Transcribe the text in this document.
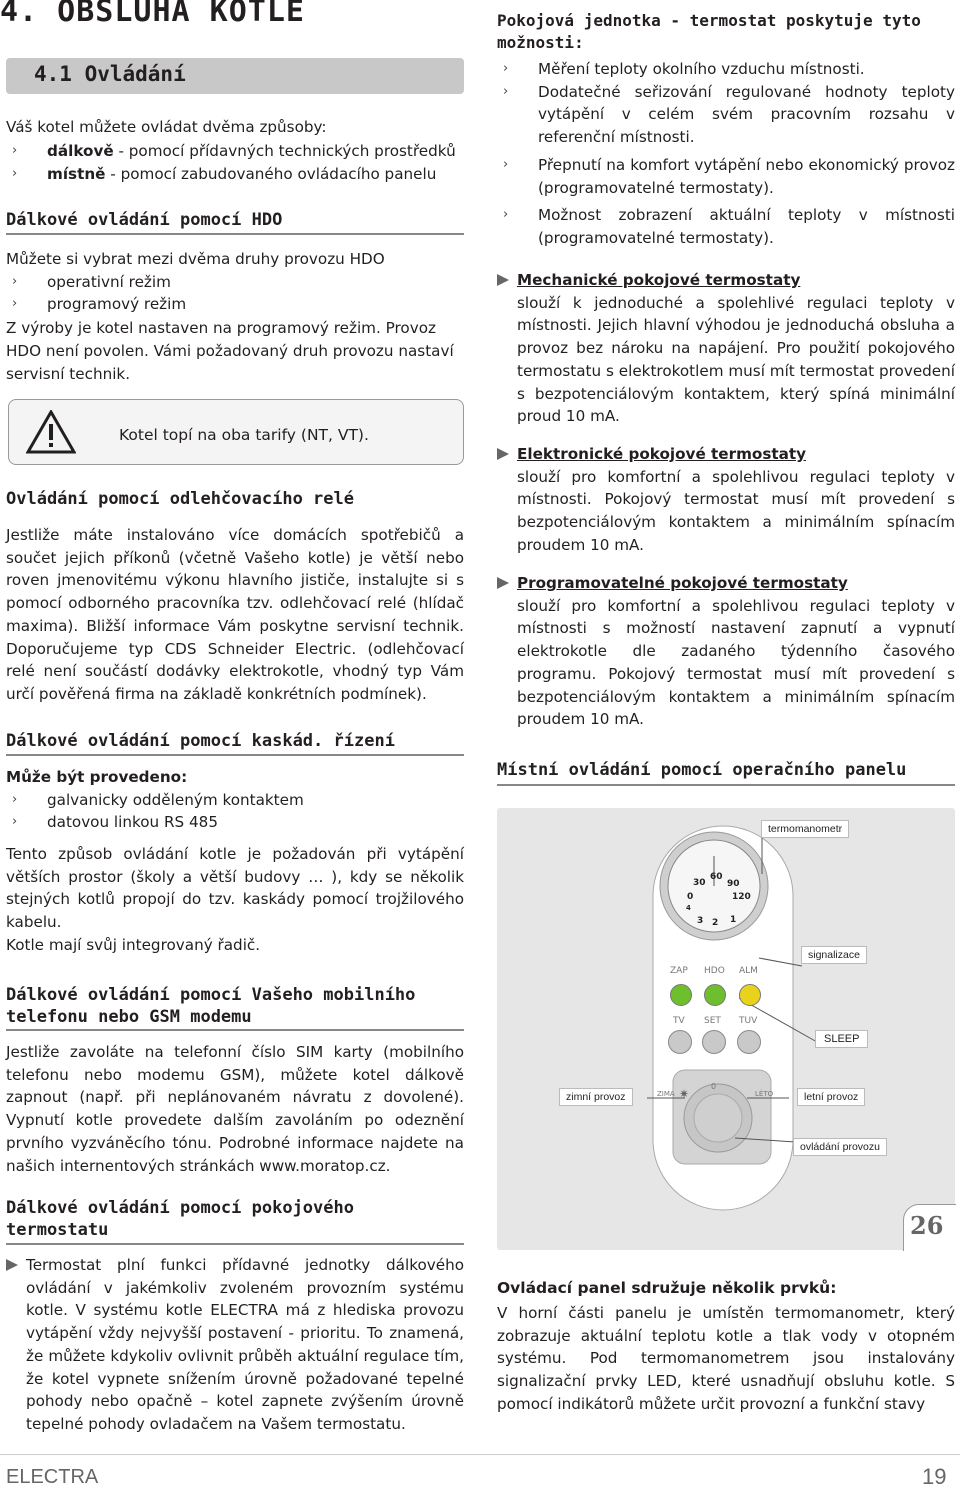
4. OBSLUHA KOTLE
4.1 Ovládání
Váš kotel můžete ovládat dvěma způsoby:
›	dálkově - pomocí přídavných technických prostředků
›	místně - pomocí zabudovaného ovládacího panelu
Dálkové ovládání pomocí HDO
Můžete si vybrat mezi dvěma druhy provozu HDO
›	operativní režim
›	programový režim
Z výroby je kotel nastaven na programový režim. Provoz HDO není povolen. Vámi požadovaný druh provozu nastaví servisní technik.
Kotel topí na oba tarify (NT, VT).
Ovládání pomocí odlehčovacího relé
Jestliže máte instalováno více domácích spotřebičů a součet jejich příkonů (včetně Vašeho kotle) je větší nebo roven jmenovitému výkonu hlavního jističe, instalujte si s pomocí odborného pracovníka tzv. odlehčovací relé (hlídač maxima). Bližší informace Vám poskytne servisní technik. Doporučujeme typ CDS Schneider Electric. (odlehčovací relé není součástí dodávky elektrokotle, vhodný typ Vám určí pověřená firma na základě konkrétních podmínek).
Dálkové ovládání pomocí kaskád. řízení
Může být provedeno:
›	galvanicky odděleným kontaktem
›	datovou linkou RS 485
Tento způsob ovládání kotle je požadován při vytápění větších prostor (školy a větší budovy … ), kdy se několik stejných kotlů propojí do tzv. kaskády pomocí trojžilového kabelu.
Kotle mají svůj integrovaný řadič.
Dálkové ovládání pomocí Vašeho mobilního telefonu nebo GSM modemu
Jestliže zavoláte na telefonní číslo SIM karty (mobilního telefonu nebo modemu GSM), můžete kotel dálkově zapnout (např. při neplánovaném návratu z dovolené). Vypnutí kotle provedete dalším zavoláním po odeznění prvního vyzváněcího tónu. Podrobné informace najdete na našich internentových stránkách www.moratop.cz.
Dálkové ovládání pomocí pokojového termostatu
Termostat plní funkci přídavné jednotky dálkového ovládání v jakémkoliv zvoleném provozním systému kotle. V systému kotle ELECTRA má z hlediska provozu vytápění vždy nejvyšší postavení - prioritu. To znamená, že můžete kdykoliv ovlivnit průběh aktuální regulace tím, že kotel vypnete snížením úrovně požadované tepelné pohody nebo opačně – kotel zapnete zvýšením úrovně tepelné pohody ovladačem na Vašem termostatu.
Pokojová jednotka - termostat poskytuje tyto možnosti:
›	Měření teploty okolního vzduchu místnosti.
›	Dodatečné seřizování regulované hodnoty teploty vytápění v celém svém pracovním rozsahu v referenční místnosti.
›	Přepnutí na komfort vytápění nebo ekonomický provoz (programovatelné termostaty).
›	Možnost zobrazení aktuální teploty v místnosti (programovatelné termostaty).
Mechanické pokojové termostaty
slouží k jednoduché a spolehlivé regulaci teploty v místnosti. Jejich hlavní výhodou je jednoduchá obsluha a provoz bez nároku na napájení. Pro použití pokojového termostatu s elektrokotlem musí mít termostat provedení s bezpotenciálovým kontaktem, který spíná minimální proud 10 mA.
Elektronické pokojové termostaty
slouží pro komfortní a spolehlivou regulaci teploty v místnosti. Pokojový termostat musí mít provedení s bezpotenciálovým kontaktem a minimálním spínacím proudem 10 mA.
Programovatelné pokojové termostaty
slouží pro komfortní a spolehlivou regulaci teploty v místnosti s možností nastavení zapnutí a vypnutí elektrokotle dle zadaného týdenního časového programu. Pokojový termostat musí mít provedení s bezpotenciálovým kontaktem a minimálním spínacím proudem 10 mA.
Místní ovládání pomocí operačního panelu
30
60
90
120
0
4
3 2 1
ZAP HDO ALM
TV SET TUV
ZIMA ✷
0
LÉTO
termomanometr
signalizace
SLEEP
zimní provoz	letní provoz
ovládání provozu
26
Ovládací panel sdružuje několik prvků:
V horní části panelu je umístěn termomanometr, který zobrazuje aktuální teplotu kotle a tlak vody v otopném systému. Pod termomanometrem jsou instalovány signalizační prvky LED, které usnadňují obsluhu kotle. S pomocí indikátorů můžete určit provozní a funkční stavy
ELECTRA	19
